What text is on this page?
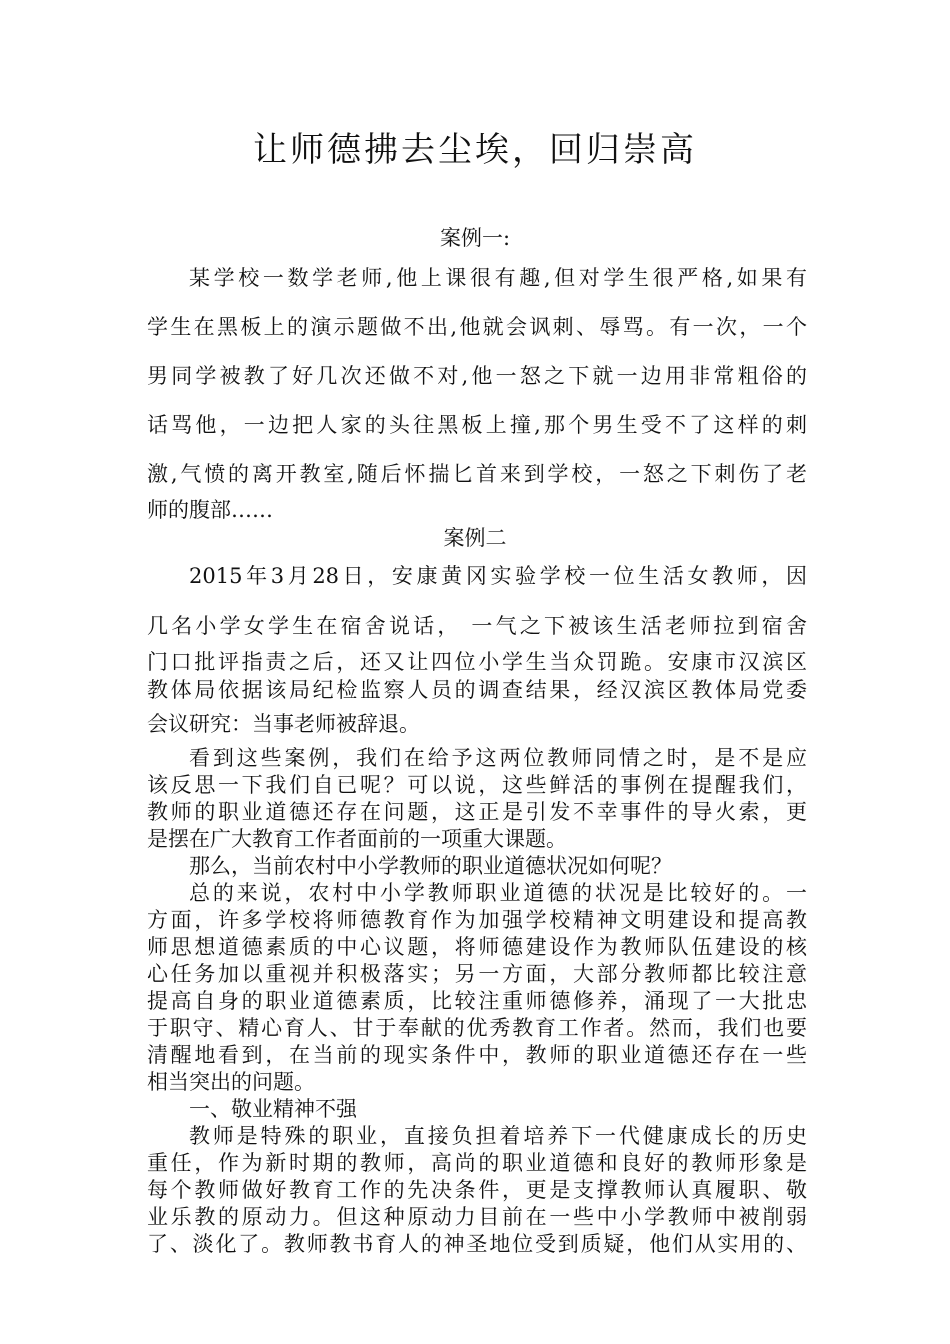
让师德拂去尘埃，回归崇高

案例一:

某学校一数学老师,他上课很有趣,但对学生很严格,如果有

学生在黑板上的演示题做不出,他就会讽刺、辱骂。有一次，一个

男同学被教了好几次还做不对,他一怒之下就一边用非常粗俗的

话骂他，一边把人家的头往黑板上撞,那个男生受不了这样的刺

激,气愤的离开教室,随后怀揣匕首来到学校，一怒之下刺伤了老

师的腹部……

案例二

2015年3月28日，安康黄冈实验学校一位生活女教师，因

几名小学女学生在宿舍说话， 一气之下被该生活老师拉到宿舍

门口批评指责之后，还又让四位小学生当众罚跪。安康市汉滨区

教体局依据该局纪检监察人员的调查结果，经汉滨区教体局党委

会议研究：当事老师被辞退。

看到这些案例，我们在给予这两位教师同情之时，是不是应

该反思一下我们自已呢？可以说，这些鲜活的事例在提醒我们，

教师的职业道德还存在问题，这正是引发不幸事件的导火索，更

是摆在广大教育工作者面前的一项重大课题。

那么，当前农村中小学教师的职业道德状况如何呢？

总的来说，农村中小学教师职业道德的状况是比较好的。一

方面，许多学校将师德教育作为加强学校精神文明建设和提高教

师思想道德素质的中心议题，将师德建设作为教师队伍建设的核

心任务加以重视并积极落实；另一方面，大部分教师都比较注意

提高自身的职业道德素质，比较注重师德修养，涌现了一大批忠

于职守、精心育人、甘于奉献的优秀教育工作者。然而，我们也要

清醒地看到，在当前的现实条件中，教师的职业道德还存在一些

相当突出的问题。

一、敬业精神不强

教师是特殊的职业，直接负担着培养下一代健康成长的历史

重任，作为新时期的教师，高尚的职业道德和良好的教师形象是

每个教师做好教育工作的先决条件，更是支撑教师认真履职、敬

业乐教的原动力。但这种原动力目前在一些中小学教师中被削弱

了、淡化了。教师教书育人的神圣地位受到质疑，他们从实用的、
